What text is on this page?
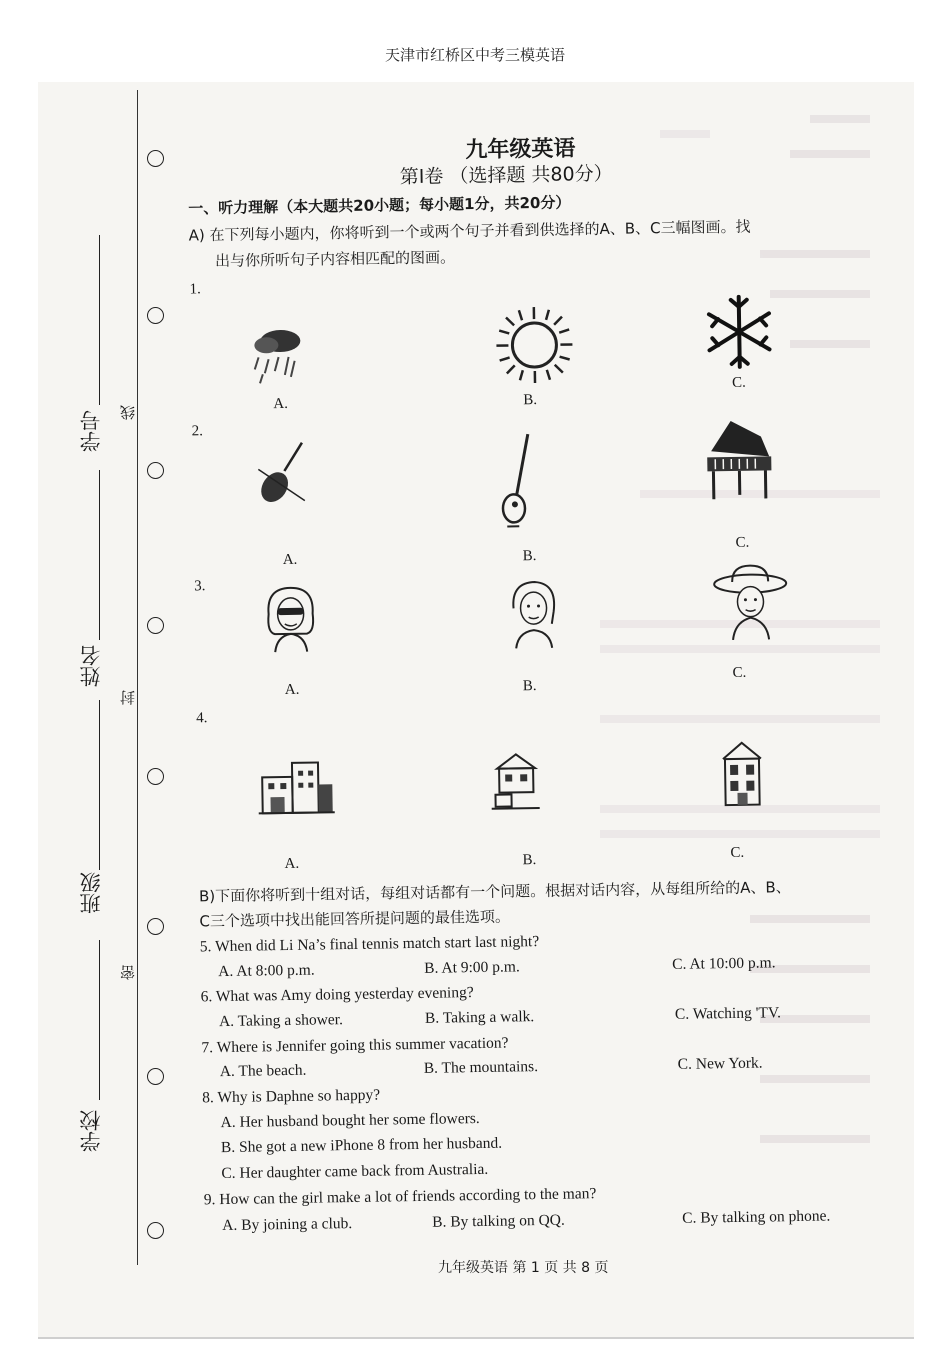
天津市红桥区中考三模英语
学号 线
姓名
封
班级
密
学校
九年级英语
第Ⅰ卷 （选择题 共80分）
一、听力理解（本大题共20小题；每小题1分，共20分）
A) 在下列每小题内，你将听到一个或两个句子并看到供选择的A、B、C三幅图画。找
出与你所听句子内容相匹配的图画。
1.
A.	B.
C.
2.
A.	B.
C.
3.
A.	B.
C.
4.
A.	B.	C.
B)下面你将听到十组对话，每组对话都有一个问题。根据对话内容，从每组所给的A、B、
C三个选项中找出能回答所提问题的最佳选项。
5. When did Li Na’s final tennis match start last night?
A. At 8:00 p.m.	B. At 9:00 p.m.	C. At 10:00 p.m.
6. What was Amy doing yesterday evening?
A. Taking a shower.	B. Taking a walk.	C. Watching 'TV.
7. Where is Jennifer going this summer vacation?
A. The beach.	B. The mountains.	C. New York.
8. Why is Daphne so happy?
A. Her husband bought her some flowers.
B. She got a new iPhone 8 from her husband.
C. Her daughter came back from Australia.
9. How can the girl make a lot of friends according to the man?
A. By joining a club.	B. By talking on QQ.	C. By talking on phone.
九年级英语 第 1 页 共 8 页
